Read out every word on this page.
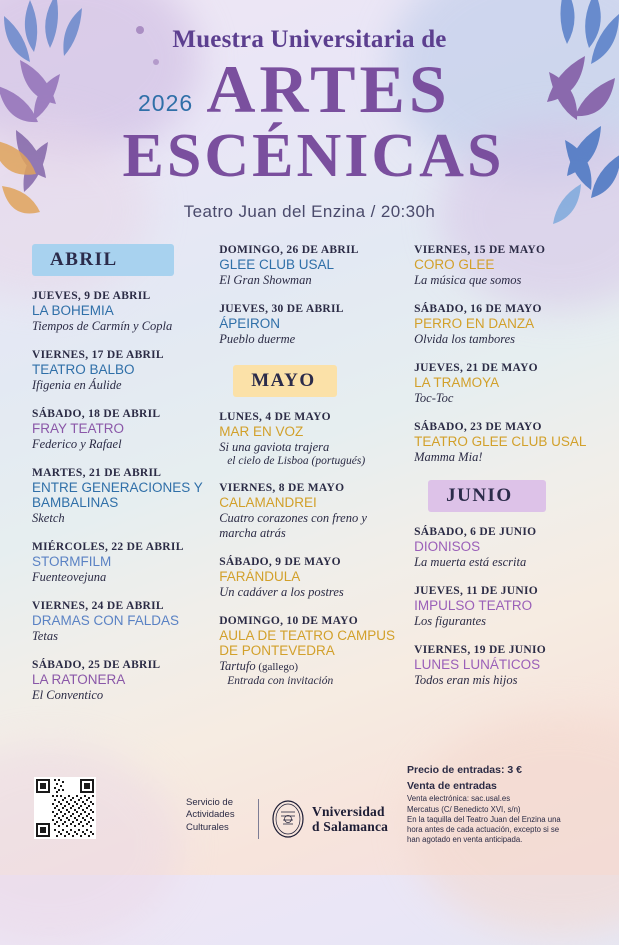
Muestra Universitaria de
2026 ARTES
ESCÉNICAS
Teatro Juan del Enzina / 20:30h
ABRIL
JUEVES, 9 DE ABRIL
LA BOHEMIA
Tiempos de Carmín y Copla
VIERNES, 17 DE ABRIL
TEATRO BALBO
Ifigenia en Áulide
SÁBADO, 18 DE ABRIL
FRAY TEATRO
Federico y Rafael
MARTES, 21 DE ABRIL
ENTRE GENERACIONES Y BAMBALINAS
Sketch
MIÉRCOLES, 22 DE ABRIL
STORMFILM
Fuenteovejuna
VIERNES, 24 DE ABRIL
DRAMAS CON FALDAS
Tetas
SÁBADO, 25 DE ABRIL
LA RATONERA
El Conventico
DOMINGO, 26 DE ABRIL
GLEE CLUB USAL
El Gran Showman
JUEVES, 30 DE ABRIL
ÁPEIRON
Pueblo duerme
MAYO
LUNES, 4 DE MAYO
MAR EN VOZ
Si una gaviota trajera
el cielo de Lisboa (portugués)
VIERNES, 8 DE MAYO
CALAMANDREI
Cuatro corazones con freno y marcha atrás
SÁBADO, 9 DE MAYO
FARÁNDULA
Un cadáver a los postres
DOMINGO, 10 DE MAYO
AULA DE TEATRO CAMPUS DE PONTEVEDRA
Tartufo (gallego)
Entrada con invitación
VIERNES, 15 DE MAYO
CORO GLEE
La música que somos
SÁBADO, 16 DE MAYO
PERRO EN DANZA
Olvida los tambores
JUEVES, 21 DE MAYO
LA TRAMOYA
Toc-Toc
SÁBADO, 23 DE MAYO
TEATRO GLEE CLUB USAL
Mamma Mia!
JUNIO
SÁBADO, 6 DE JUNIO
DIONISOS
La muerta está escrita
JUEVES, 11 DE JUNIO
IMPULSO TEATRO
Los figurantes
VIERNES, 19 DE JUNIO
LUNES LUNÁTICOS
Todos eran mis hijos
Servicio de
Actividades
Culturales
Vniversidad
d Salamanca
Precio de entradas: 3 €
Venta de entradas
Venta electrónica: sac.usal.es
Mercatus (C/ Benedicto XVI, s/n)
En la taquilla del Teatro Juan del Enzina una
hora antes de cada actuación, excepto si se
han agotado en venta anticipada.
